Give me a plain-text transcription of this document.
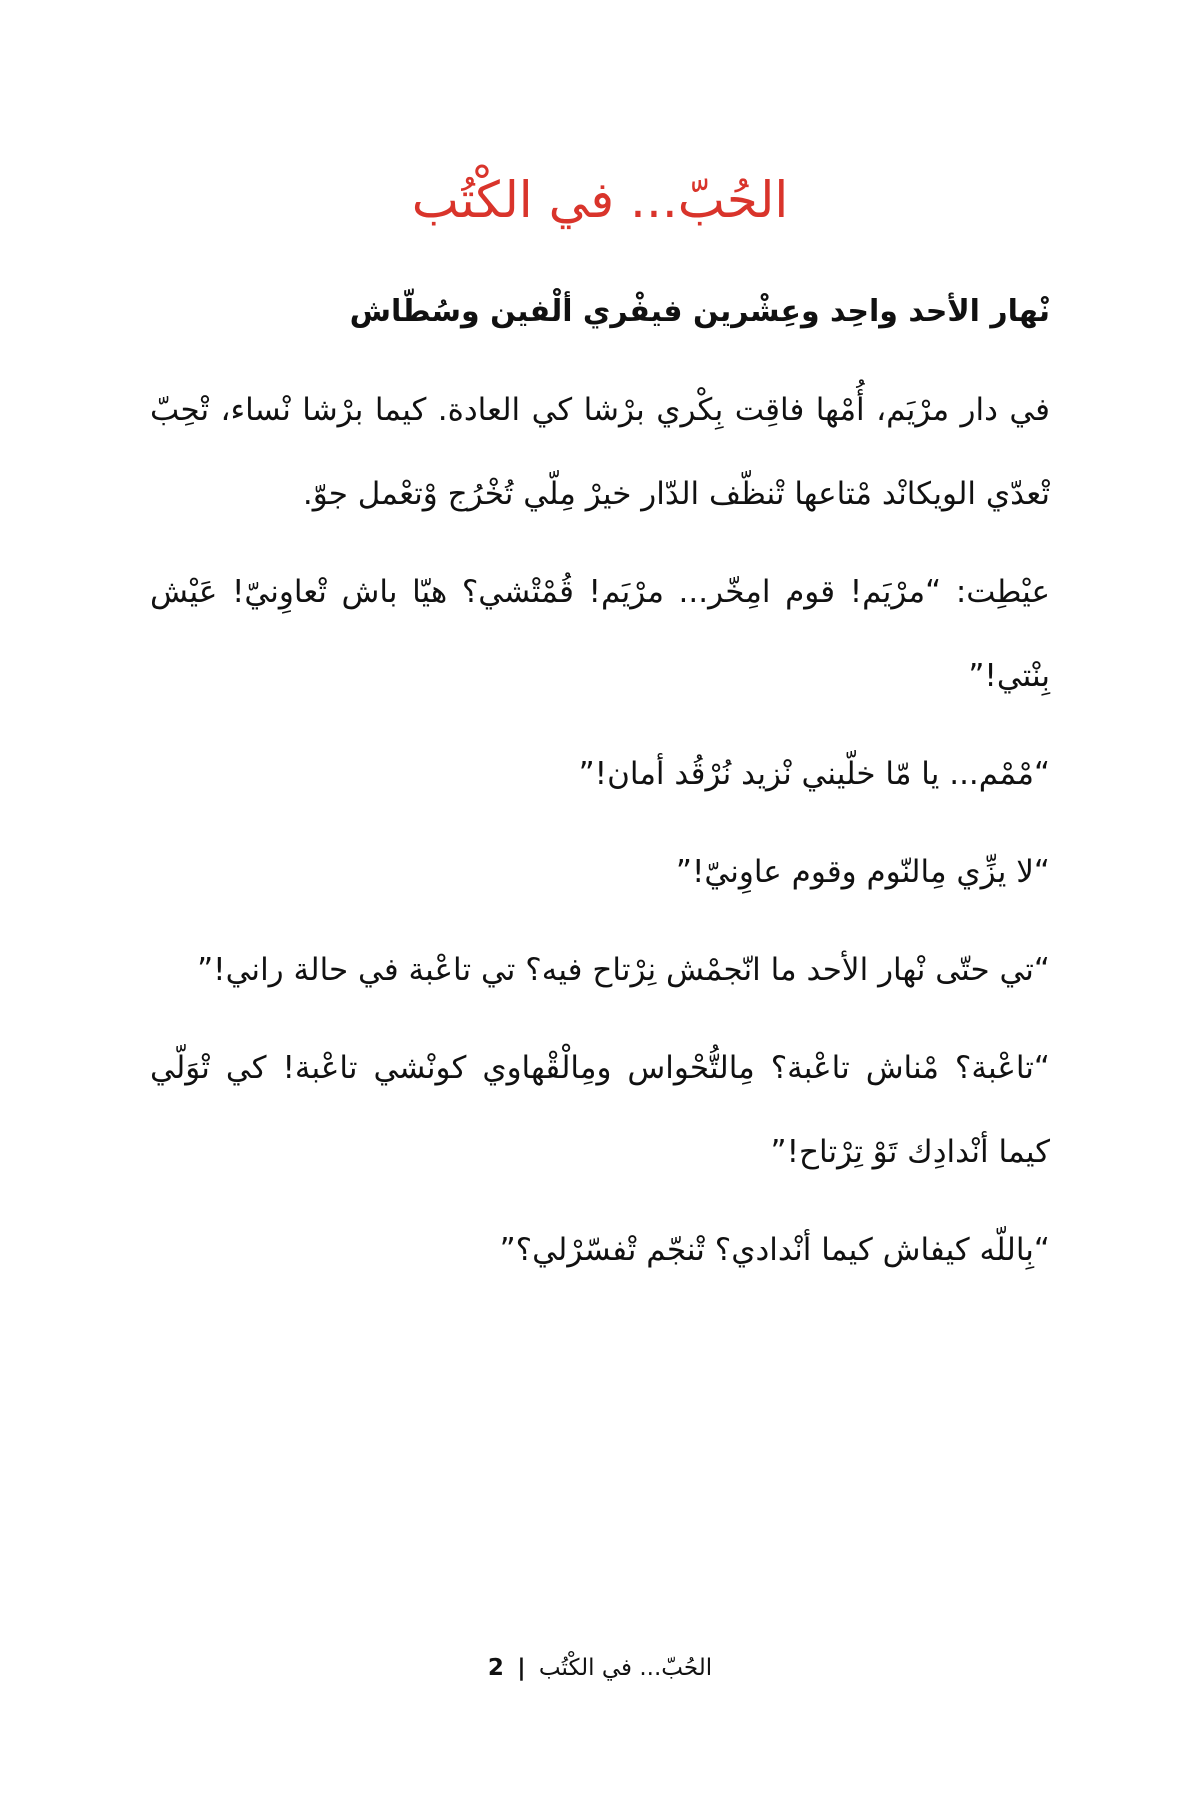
الحُبّ... في الكْتُب
نْهار الأحد واحِد وعِشْرين فيفْري ألْفين وسُطّاش

في دار مرْيَم، أُمْها فاقِت بِكْري برْشا كي العادة. كيما برْشا نْساء، تْحِبّ تْعدّي الويكانْد مْتاعها تْنظّف الدّار خيرْ مِلّي تُخْرُج وْتعْمل جوّ.

عيْطِت: “مرْيَم! قوم امِخّر... مرْيَم! قُمْتْشي؟ هيّا باش تْعاوِنيّ! عَيْش بِنْتي!”

“مْمْم... يا مّا خلّيني نْزيد نُرْقُد أمان!”

“لا يزِّي مِالنّوم وقوم عاوِنيّ!”

“تي حتّى نْهار الأحد ما انّجمْش نِرْتاح فيه؟ تي تاعْبة في حالة راني!”

“تاعْبة؟ مْناش تاعْبة؟ مِالتُّحْواس ومِالْقْهاوي كونْشي تاعْبة! كي تْوَلّي كيما أنْدادِك تَوْ تِرْتاح!”

“بِاللّه كيفاش كيما أنْدادي؟ تْنجّم تْفسّرْلي؟”

الحُبّ... في الكْتُب | 2
